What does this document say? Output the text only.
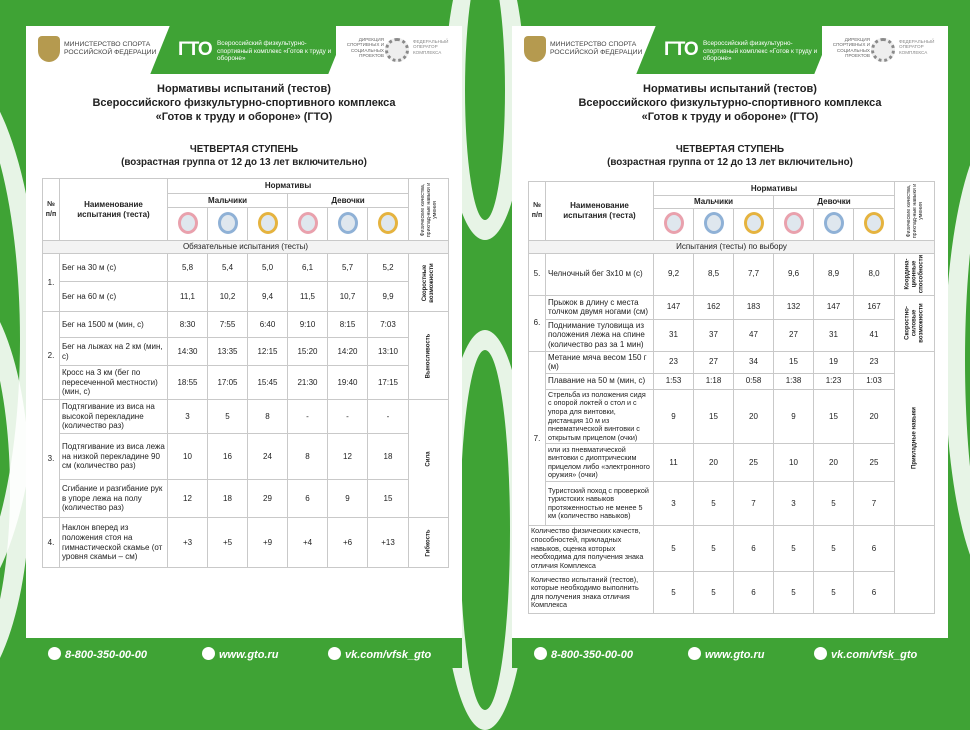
МИНИСТЕРСТВО СПОРТА РОССИЙСКОЙ ФЕДЕРАЦИИ	ГТО Всероссийский физкультурно-спортивный комплекс «Готов к труду и обороне»
ДИРЕКЦИЯ СПОРТИВНЫХ И СОЦИАЛЬНЫХ ПРОЕКТОВ
ФЕДЕРАЛЬНЫЙ ОПЕРАТОР КОМПЛЕКСА
Нормативы испытаний (тестов)
Всероссийского физкультурно-спортивного комплекса
«Готов к труду и обороне» (ГТО)
ЧЕТВЕРТАЯ СТУПЕНЬ
(возрастная группа от 12 до 13 лет включительно)
№ п/п	Наименование испытания (теста)	Нормативы						Физические качества, приклад-ные навыки и умения

		Мальчики			Девочки			

Обязательные испытания (тесты)								
1.	Бег на 30 м (с)	5,8	5,4	5,0	6,1	5,7	5,2	Скоростные возможности

	Бег на 60 м (с)	11,1	10,2	9,4	11,5	10,7	9,9	
2.	Бег на 1500 м (мин, с)	8:30	7:55	6:40	9:10	8:15	7:03	Выносливость

	Бег на лыжах на 2 км (мин, с)	14:30	13:35	12:15	15:20	14:20	13:10	
	Кросс на 3 км (бег по пересеченной местности) (мин, с)	18:55	17:05	15:45	21:30	19:40	17:15	
3.	Подтягивание из виса на высокой перекладине (количество раз)	3	5	8	-	-	-	Сила

	Подтягивание из виса лежа на низкой перекладине 90 см (количество раз)	10	16	24	8	12	18	
	Сгибание и разгибание рук в упоре лежа на полу (количество раз)	12	18	29	6	9	15	
4.	Наклон вперед из положения стоя на гимнастической скамье (от уровня скамьи – см)	+3	+5	+9	+4	+6	+13	Гибкость
8-800-350-00-00	www.gto.ru	vk.com/vfsk_gto
МИНИСТЕРСТВО СПОРТА РОССИЙСКОЙ ФЕДЕРАЦИИ	ГТО Всероссийский физкультурно-спортивный комплекс «Готов к труду и обороне»
ДИРЕКЦИЯ СПОРТИВНЫХ И СОЦИАЛЬНЫХ ПРОЕКТОВ
ФЕДЕРАЛЬНЫЙ ОПЕРАТОР КОМПЛЕКСА
Нормативы испытаний (тестов)
Всероссийского физкультурно-спортивного комплекса
«Готов к труду и обороне» (ГТО)
ЧЕТВЕРТАЯ СТУПЕНЬ
(возрастная группа от 12 до 13 лет включительно)
№ п/п	Наименование испытания (теста)	Нормативы						Физические качества, приклад-ные навыки и умения

		Мальчики			Девочки			

Испытания (тесты) по выбору								
5.	Челночный бег 3х10 м (с)	9,2	8,5	7,7	9,6	8,9	8,0	Координа-ционные способности

6.	Прыжок в длину с места толчком двумя ногами (см)	147	162	183	132	147	167	Скоростно-силовые возможности

	Поднимание туловища из положения лежа на спине (количество раз за 1 мин)	31	37	47	27	31	41	
7.	Метание мяча весом 150 г (м)	23	27	34	15	19	23	Прикладные навыки

	Плавание на 50 м (мин, с)	1:53	1:18	0:58	1:38	1:23	1:03	
	Стрельба из положения сидя с опорой локтей о стол и с упора для винтовки, дистанция 10 м из пневматической винтовки с открытым прицелом (очки)	9	15	20	9	15	20	
	или из пневматической винтовки с диоптрическим прицелом либо «электронного оружия» (очки)	11	20	25	10	20	25	
	Туристский поход с проверкой туристских навыков протяженностью не менее 5 км (количество навыков)	3	5	7	3	5	7	
Количество физических качеств, способностей, прикладных навыков, оценка которых необходима для получения знака отличия Комплекса		5	5	6	5	5	6	
Количество испытаний (тестов), которые необходимо выполнить для получения знака отличия Комплекса		5	5	6	5	5	6	
8-800-350-00-00	www.gto.ru	vk.com/vfsk_gto
